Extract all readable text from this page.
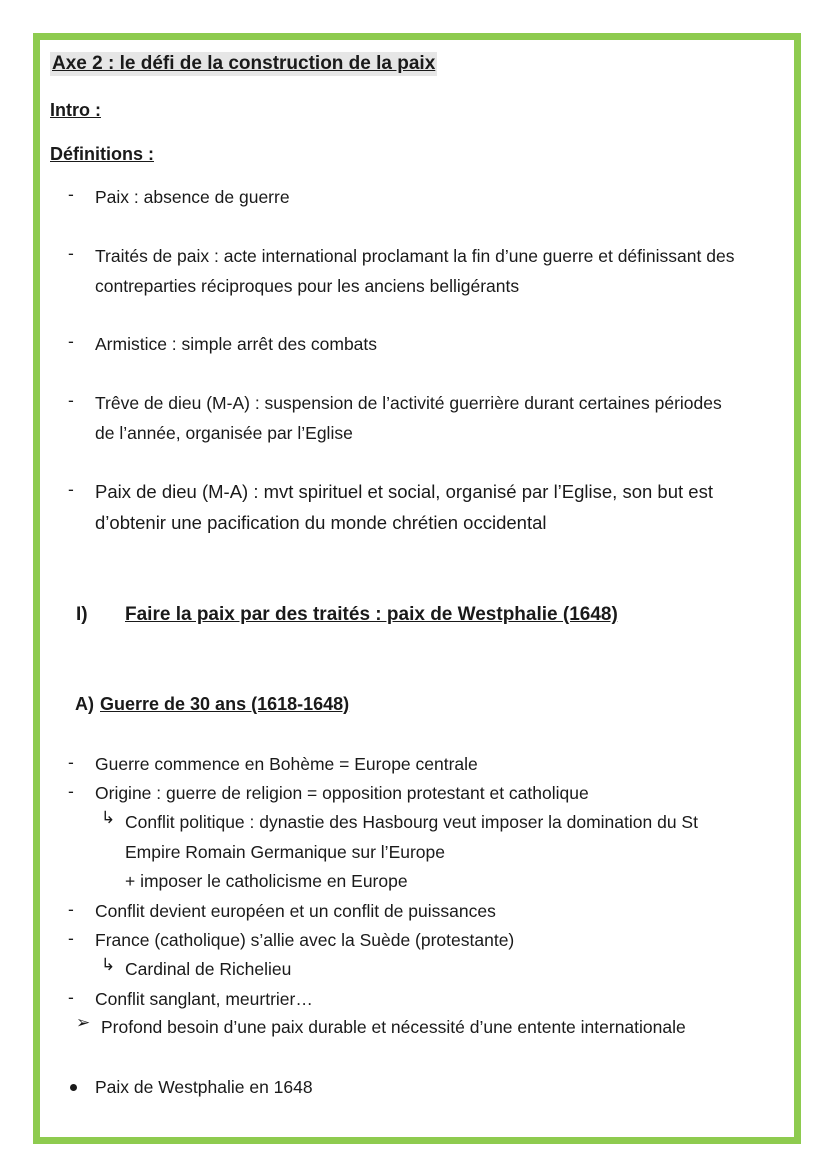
Axe 2 : le défi de la construction de la paix
Intro :
Définitions :
- Paix : absence de guerre
- Traités de paix : acte international proclamant la fin d’une guerre et définissant des contreparties réciproques pour les anciens belligérants
- Armistice : simple arrêt des combats
- Trêve de dieu (M-A) : suspension de l’activité guerrière durant certaines périodes de l’année, organisée par l’Eglise
- Paix de dieu (M-A) : mvt spirituel et social, organisé par l’Eglise, son but est d’obtenir une pacification du monde chrétien occidental
I) Faire la paix par des traités : paix de Westphalie (1648)
A) Guerre de 30 ans (1618-1648)
- Guerre commence en Bohème = Europe centrale
- Origine : guerre de religion = opposition protestant et catholique
↳ Conflit politique : dynastie des Hasbourg veut imposer la domination du St
Empire Romain Germanique sur l’Europe
+ imposer le catholicisme en Europe
- Conflit devient européen et un conflit de puissances
- France (catholique) s’allie avec la Suède (protestante)
↳ Cardinal de Richelieu
- Conflit sanglant, meurtrier…
➢ Profond besoin d’une paix durable et nécessité d’une entente internationale
Paix de Westphalie en 1648
